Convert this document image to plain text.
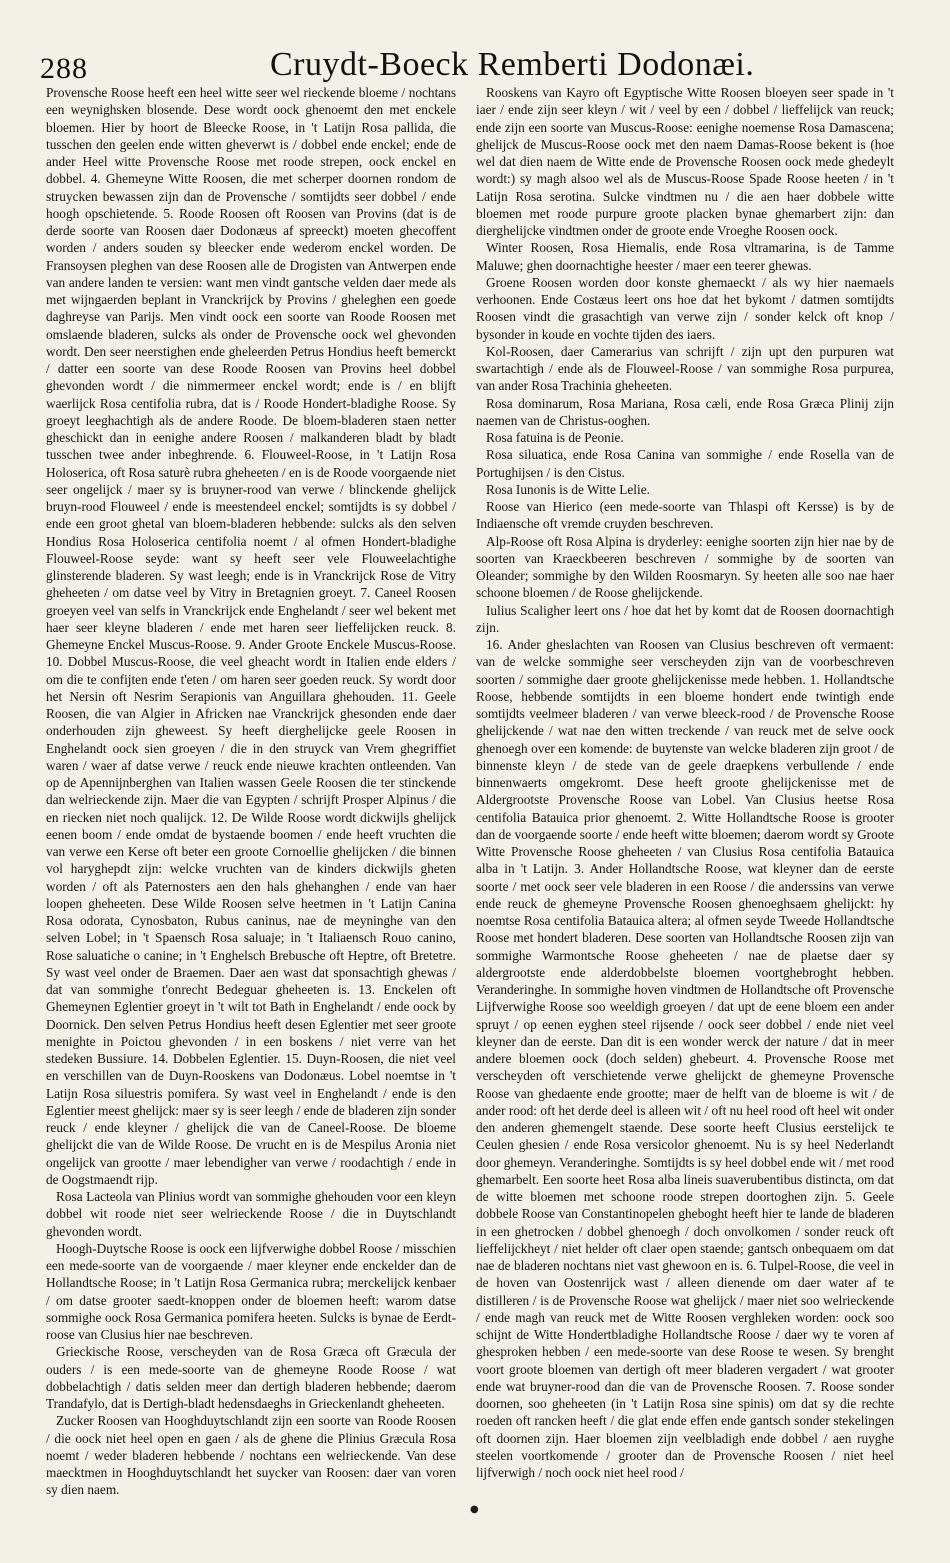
288	Cruydt-Boeck Remberti Dodonæi.

Provensche Roose heeft een heel witte seer wel rieckende bloeme / nochtans een weynighsken blosende. Dese wordt oock ghenoemt den met enckele bloemen. Hier by hoort de Bleecke Roose, in 't Latijn Rosa pallida, die tusschen den geelen ende witten gheverwt is / dobbel ende enckel; ende de ander Heel witte Provensche Roose met roode strepen, oock enckel en dobbel. 4. Ghemeyne Witte Roosen, die met scherper doornen rondom de struycken bewassen zijn dan de Provensche / somtijdts seer dobbel / ende hoogh opschietende. 5. Roode Roosen oft Roosen van Provins (dat is de derde soorte van Roosen daer Dodonæus af spreeckt) moeten ghecoffent worden / anders souden sy bleecker ende wederom enckel worden. De Fransoysen pleghen van dese Roosen alle de Drogisten van Antwerpen ende van andere landen te versien: want men vindt gantsche velden daer mede als met wijngaerden beplant in Vranckrijck by Provins / gheleghen een goede daghreyse van Parijs. Men vindt oock een soorte van Roode Roosen met omslaende bladeren, sulcks als onder de Provensche oock wel ghevonden wordt. Den seer neerstighen ende gheleerden Petrus Hondius heeft bemerckt / datter een soorte van dese Roode Roosen van Provins heel dobbel ghevonden wordt / die nimmermeer enckel wordt; ende is / en blijft waerlijck Rosa centifolia rubra, dat is / Roode Hondert-bladighe Roose. Sy groeyt leeghachtigh als de andere Roode. De bloem-bladeren staen netter gheschickt dan in eenighe andere Roosen / malkanderen bladt by bladt tusschen twee ander inbeghrende. 6. Flouweel-Roose, in 't Latijn Rosa Holoserica, oft Rosa saturè rubra gheheeten / en is de Roode voorgaende niet seer ongelijck / maer sy is bruyner-rood van verwe / blinckende ghelijck bruyn-rood Flouweel / ende is meestendeel enckel; somtijdts is sy dobbel / ende een groot ghetal van bloem-bladeren hebbende: sulcks als den selven Hondius Rosa Holoserica centifolia noemt / al ofmen Hondert-bladighe Flouweel-Roose seyde: want sy heeft seer vele Flouweelachtighe glinsterende bladeren. Sy wast leegh; ende is in Vranckrijck Rose de Vitry gheheeten / om datse veel by Vitry in Bretagnien groeyt. 7. Caneel Roosen groeyen veel van selfs in Vranckrijck ende Enghelandt / seer wel bekent met haer seer kleyne bladeren / ende met haren seer lieffelijcken reuck. 8. Ghemeyne Enckel Muscus-Roose. 9. Ander Groote Enckele Muscus-Roose. 10. Dobbel Muscus-Roose, die veel gheacht wordt in Italien ende elders / om die te confijten ende t'eten / om haren seer goeden reuck. Sy wordt door het Nersin oft Nesrim Serapionis van Anguillara ghehouden. 11. Geele Roosen, die van Algier in Africken nae Vranckrijck ghesonden ende daer onderhouden zijn gheweest. Sy heeft dierghelijcke geele Roosen in Enghelandt oock sien groeyen / die in den struyck van Vrem ghegriffiet waren / waer af datse verwe / reuck ende nieuwe krachten ontleenden. Van op de Apennijnberghen van Italien wassen Geele Roosen die ter stinckende dan welrieckende zijn. Maer die van Egypten / schrijft Prosper Alpinus / die en riecken niet noch qualijck. 12. De Wilde Roose wordt dickwijls ghelijck eenen boom / ende omdat de bystaende boomen / ende heeft vruchten die van verwe een Kerse oft beter een groote Cornoellie ghelijcken / die binnen vol haryghepdt zijn: welcke vruchten van de kinders dickwijls gheten worden / oft als Paternosters aen den hals ghehanghen / ende van haer loopen gheheeten. Dese Wilde Roosen selve heetmen in 't Latijn Canina Rosa odorata, Cynosbaton, Rubus caninus, nae de meyninghe van den selven Lobel; in 't Spaensch Rosa saluaje; in 't Italiaensch Rouo canino, Rose saluatiche o canine; in 't Enghelsch Brebusche oft Heptre, oft Bretetre. Sy wast veel onder de Braemen. Daer aen wast dat sponsachtigh ghewas / dat van sommighe t'onrecht Bedeguar gheheeten is. 13. Enckelen oft Ghemeynen Eglentier groeyt in 't wilt tot Bath in Enghelandt / ende oock by Doornick. Den selven Petrus Hondius heeft desen Eglentier met seer groote menighte in Poictou ghevonden / in een boskens / niet verre van het stedeken Bussiure. 14. Dobbelen Eglentier. 15. Duyn-Roosen, die niet veel en verschillen van de Duyn-Rooskens van Dodonæus. Lobel noemtse in 't Latijn Rosa siluestris pomifera. Sy wast veel in Enghelandt / ende is den Eglentier meest ghelijck: maer sy is seer leegh / ende de bladeren zijn sonder reuck / ende kleyner / ghelijck die van de Caneel-Roose. De bloeme ghelijckt die van de Wilde Roose. De vrucht en is de Mespilus Aronia niet ongelijck van grootte / maer lebendigher van verwe / roodachtigh / ende in de Oogstmaendt rijp.

Rosa Lacteola van Plinius wordt van sommighe ghehouden voor een kleyn dobbel wit roode niet seer welrieckende Roose / die in Duytschlandt ghevonden wordt.

Hoogh-Duytsche Roose is oock een lijfverwighe dobbel Roose / misschien een mede-soorte van de voorgaende / maer kleyner ende enckelder dan de Hollandtsche Roose; in 't Latijn Rosa Germanica rubra; merckelijck kenbaer / om datse grooter saedt-knoppen onder de bloemen heeft: warom datse sommighe oock Rosa Germanica pomifera heeten. Sulcks is bynae de Eerdt-roose van Clusius hier nae beschreven.

Grieckische Roose, verscheyden van de Rosa Græca oft Græcula der ouders / is een mede-soorte van de ghemeyne Roode Roose / wat dobbelachtigh / datis selden meer dan dertigh bladeren hebbende; daerom Trandafylo, dat is Dertigh-bladt hedensdaeghs in Grieckenlandt gheheeten.

Zucker Roosen van Hooghduytschlandt zijn een soorte van Roode Roosen / die oock niet heel open en gaen / als de ghene die Plinius Græcula Rosa noemt / weder bladeren hebbende / nochtans een welrieckende. Van dese maecktmen in Hooghduytschlandt het suycker van Roosen: daer van voren sy dien naem.

Rooskens van Kayro oft Egyptische Witte Roosen bloeyen seer spade in 't iaer / ende zijn seer kleyn / wit / veel by een / dobbel / lieffelijck van reuck; ende zijn een soorte van Muscus-Roose: eenighe noemense Rosa Damascena; ghelijck de Muscus-Roose oock met den naem Damas-Roose bekent is (hoe wel dat dien naem de Witte ende de Provensche Roosen oock mede ghedeylt wordt:) sy magh alsoo wel als de Muscus-Roose Spade Roose heeten / in 't Latijn Rosa serotina. Sulcke vindtmen nu / die aen haer dobbele witte bloemen met roode purpure groote placken bynae ghemarbert zijn: dan dierghelijcke vindtmen onder de groote ende Vroeghe Roosen oock.

Winter Roosen, Rosa Hiemalis, ende Rosa vltramarina, is de Tamme Maluwe; ghen doornachtighe heester / maer een teerer ghewas.

Groene Roosen worden door konste ghemaeckt / als wy hier naemaels verhoonen. Ende Costæus leert ons hoe dat het bykomt / datmen somtijdts Roosen vindt die grasachtigh van verwe zijn / sonder kelck oft knop / bysonder in koude en vochte tijden des iaers.

Kol-Roosen, daer Camerarius van schrijft / zijn upt den purpuren wat swartachtigh / ende als de Flouweel-Roose / van sommighe Rosa purpurea, van ander Rosa Trachinia gheheeten.

Rosa dominarum, Rosa Mariana, Rosa cæli, ende Rosa Græca Plinij zijn naemen van de Christus-ooghen.

Rosa fatuina is de Peonie.

Rosa siluatica, ende Rosa Canina van sommighe / ende Rosella van de Portughijsen / is den Cistus.

Rosa Iunonis is de Witte Lelie.

Roose van Hierico (een mede-soorte van Thlaspi oft Kersse) is by de Indiaensche oft vremde cruyden beschreven.

Alp-Roose oft Rosa Alpina is dryderley: eenighe soorten zijn hier nae by de soorten van Kraeckbeeren beschreven / sommighe by de soorten van Oleander; sommighe by den Wilden Roosmaryn. Sy heeten alle soo nae haer schoone bloemen / de Roose ghelijckende.

Iulius Scaligher leert ons / hoe dat het by komt dat de Roosen doornachtigh zijn.

16. Ander gheslachten van Roosen van Clusius beschreven oft vermaent: van de welcke sommighe seer verscheyden zijn van de voorbeschreven soorten / sommighe daer groote ghelijckenisse mede hebben. 1. Hollandtsche Roose, hebbende somtijdts in een bloeme hondert ende twintigh ende somtijdts veelmeer bladeren / van verwe bleeck-rood / de Provensche Roose ghelijckende / wat nae den witten treckende / van reuck met de selve oock ghenoegh over een komende: de buytenste van welcke bladeren zijn groot / de binnenste kleyn / de stede van de geele draepkens verbullende / ende binnenwaerts omgekromt. Dese heeft groote ghelijckenisse met de Aldergrootste Provensche Roose van Lobel. Van Clusius heetse Rosa centifolia Batauica prior ghenoemt. 2. Witte Hollandtsche Roose is grooter dan de voorgaende soorte / ende heeft witte bloemen; daerom wordt sy Groote Witte Provensche Roose gheheeten / van Clusius Rosa centifolia Batauica alba in 't Latijn. 3. Ander Hollandtsche Roose, wat kleyner dan de eerste soorte / met oock seer vele bladeren in een Roose / die anderssins van verwe ende reuck de ghemeyne Provensche Roosen ghenoeghsaem ghelijckt: hy noemtse Rosa centifolia Batauica altera; al ofmen seyde Tweede Hollandtsche Roose met hondert bladeren. Dese soorten van Hollandtsche Roosen zijn van sommighe Warmontsche Roose gheheeten / nae de plaetse daer sy aldergrootste ende alderdobbelste bloemen voortghebroght hebben. Veranderinghe. In sommighe hoven vindtmen de Hollandtsche oft Provensche Lijfverwighe Roose soo weeldigh groeyen / dat upt de eene bloem een ander spruyt / op eenen eyghen steel rijsende / oock seer dobbel / ende niet veel kleyner dan de eerste. Dan dit is een wonder werck der nature / dat in meer andere bloemen oock (doch selden) ghebeurt. 4. Provensche Roose met verscheyden oft verschietende verwe ghelijckt de ghemeyne Provensche Roose van ghedaente ende grootte; maer de helft van de bloeme is wit / de ander rood: oft het derde deel is alleen wit / oft nu heel rood oft heel wit onder den anderen ghemengelt staende. Dese soorte heeft Clusius eerstelijck te Ceulen ghesien / ende Rosa versicolor ghenoemt. Nu is sy heel Nederlandt door ghemeyn. Veranderinghe. Somtijdts is sy heel dobbel ende wit / met rood ghemarbelt. Een soorte heet Rosa alba lineis suaverubentibus distincta, om dat de witte bloemen met schoone roode strepen doortoghen zijn. 5. Geele dobbele Roose van Constantinopelen gheboght heeft hier te lande de bladeren in een ghetrocken / dobbel ghenoegh / doch onvolkomen / sonder reuck oft lieffelijckheyt / niet helder oft claer open staende; gantsch onbequaem om dat nae de bladeren nochtans niet vast ghewoon en is. 6. Tulpel-Roose, die veel in de hoven van Oostenrijck wast / alleen dienende om daer water af te distilleren / is de Provensche Roose wat ghelijck / maer niet soo welrieckende / ende magh van reuck met de Witte Roosen verghleken worden: oock soo schijnt de Witte Hondertbladighe Hollandtsche Roose / daer wy te voren af ghesproken hebben / een mede-soorte van dese Roose te wesen. Sy brenght voort groote bloemen van dertigh oft meer bladeren vergadert / wat grooter ende wat bruyner-rood dan die van de Provensche Roosen. 7. Roose sonder doornen, soo gheheeten (in 't Latijn Rosa sine spinis) om dat sy die rechte roeden oft rancken heeft / die glat ende effen ende gantsch sonder stekelingen oft doornen zijn. Haer bloemen zijn veelbladigh ende dobbel / aen ruyghe steelen voortkomende / grooter dan de Provensche Roosen / niet heel lijfverwigh / noch oock niet heel rood /

●
